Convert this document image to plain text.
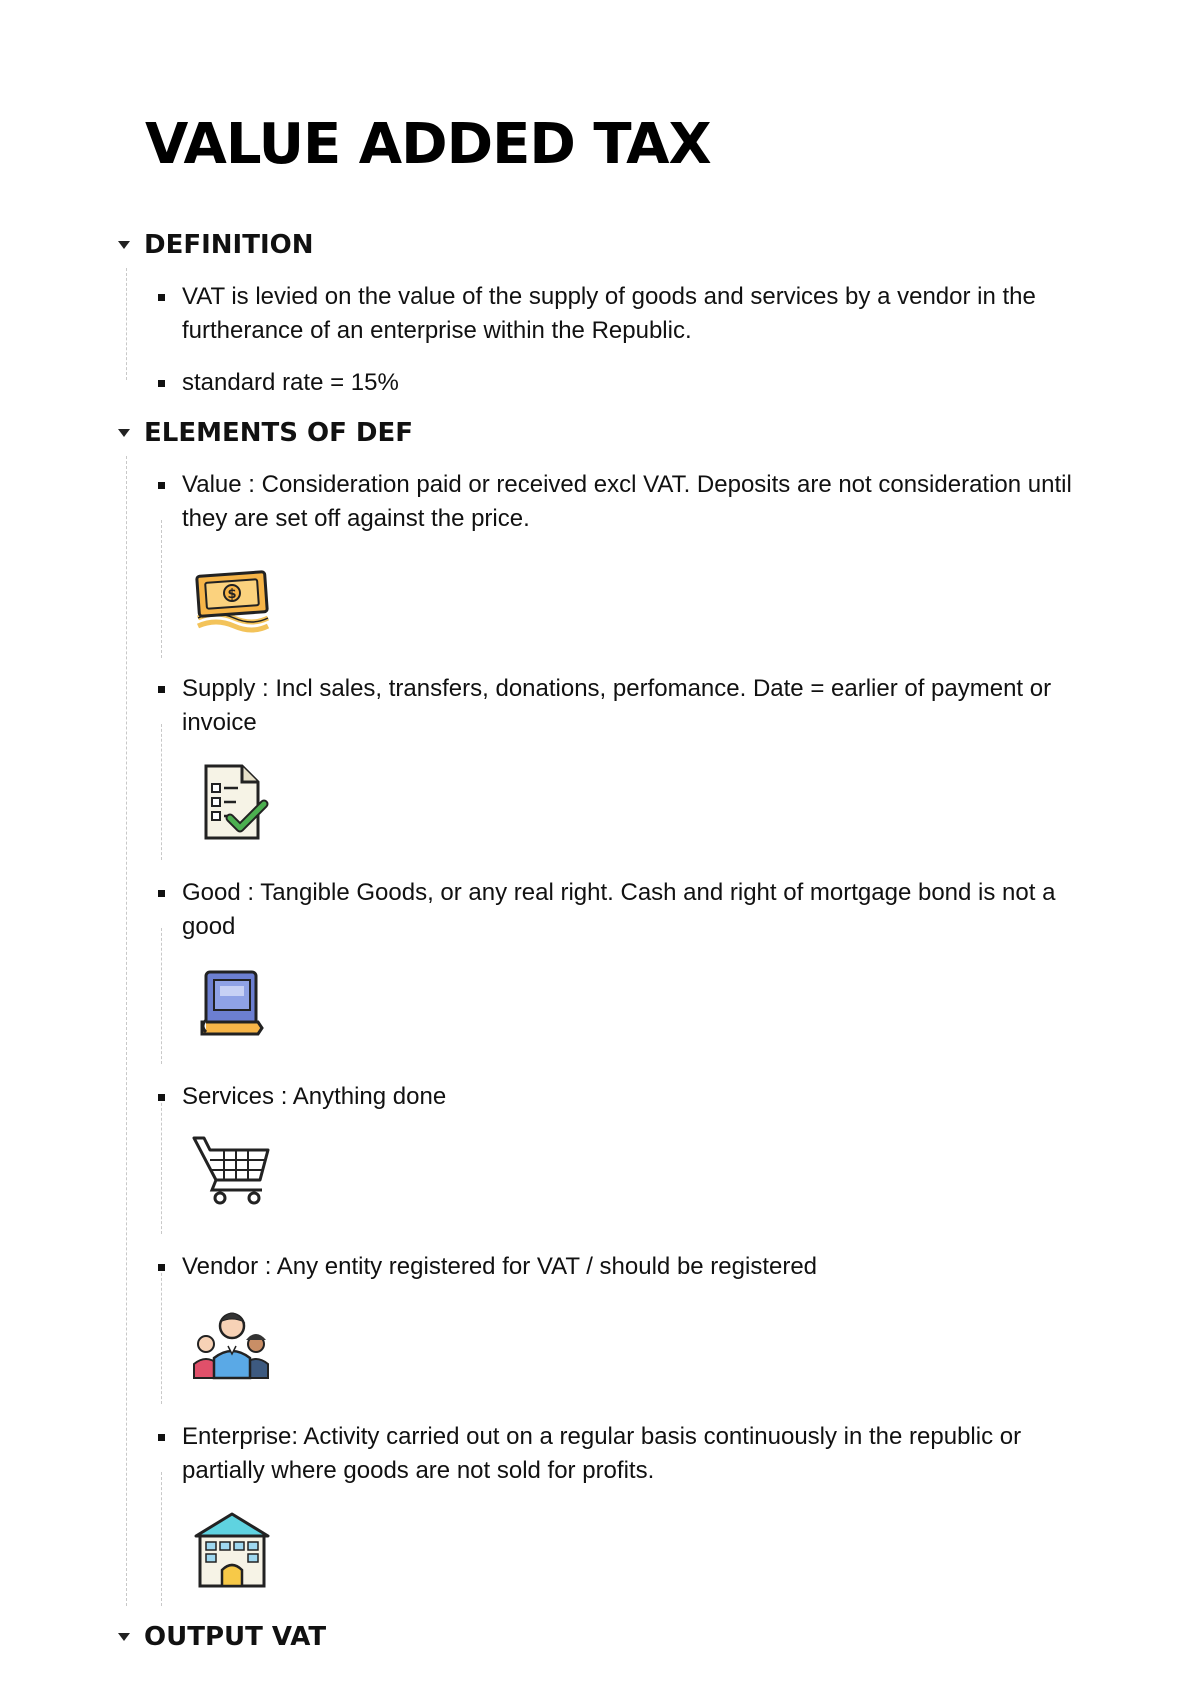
VALUE ADDED TAX
DEFINITION
VAT is levied on the value of the supply of goods and services by a vendor in the furtherance of an enterprise within the Republic.
standard rate = 15%
ELEMENTS OF DEF
Value : Consideration paid or received excl VAT. Deposits are not consideration until they are set off against the price.
$
Supply : Incl sales, transfers, donations, perfomance. Date = earlier of payment or invoice
Good : Tangible Goods, or any real right. Cash and right of mortgage bond is not a good
Services : Anything done
Vendor : Any entity registered for VAT / should be registered
Enterprise: Activity carried out on a regular basis continuously in the republic or partially where goods are not sold for profits.
OUTPUT VAT
